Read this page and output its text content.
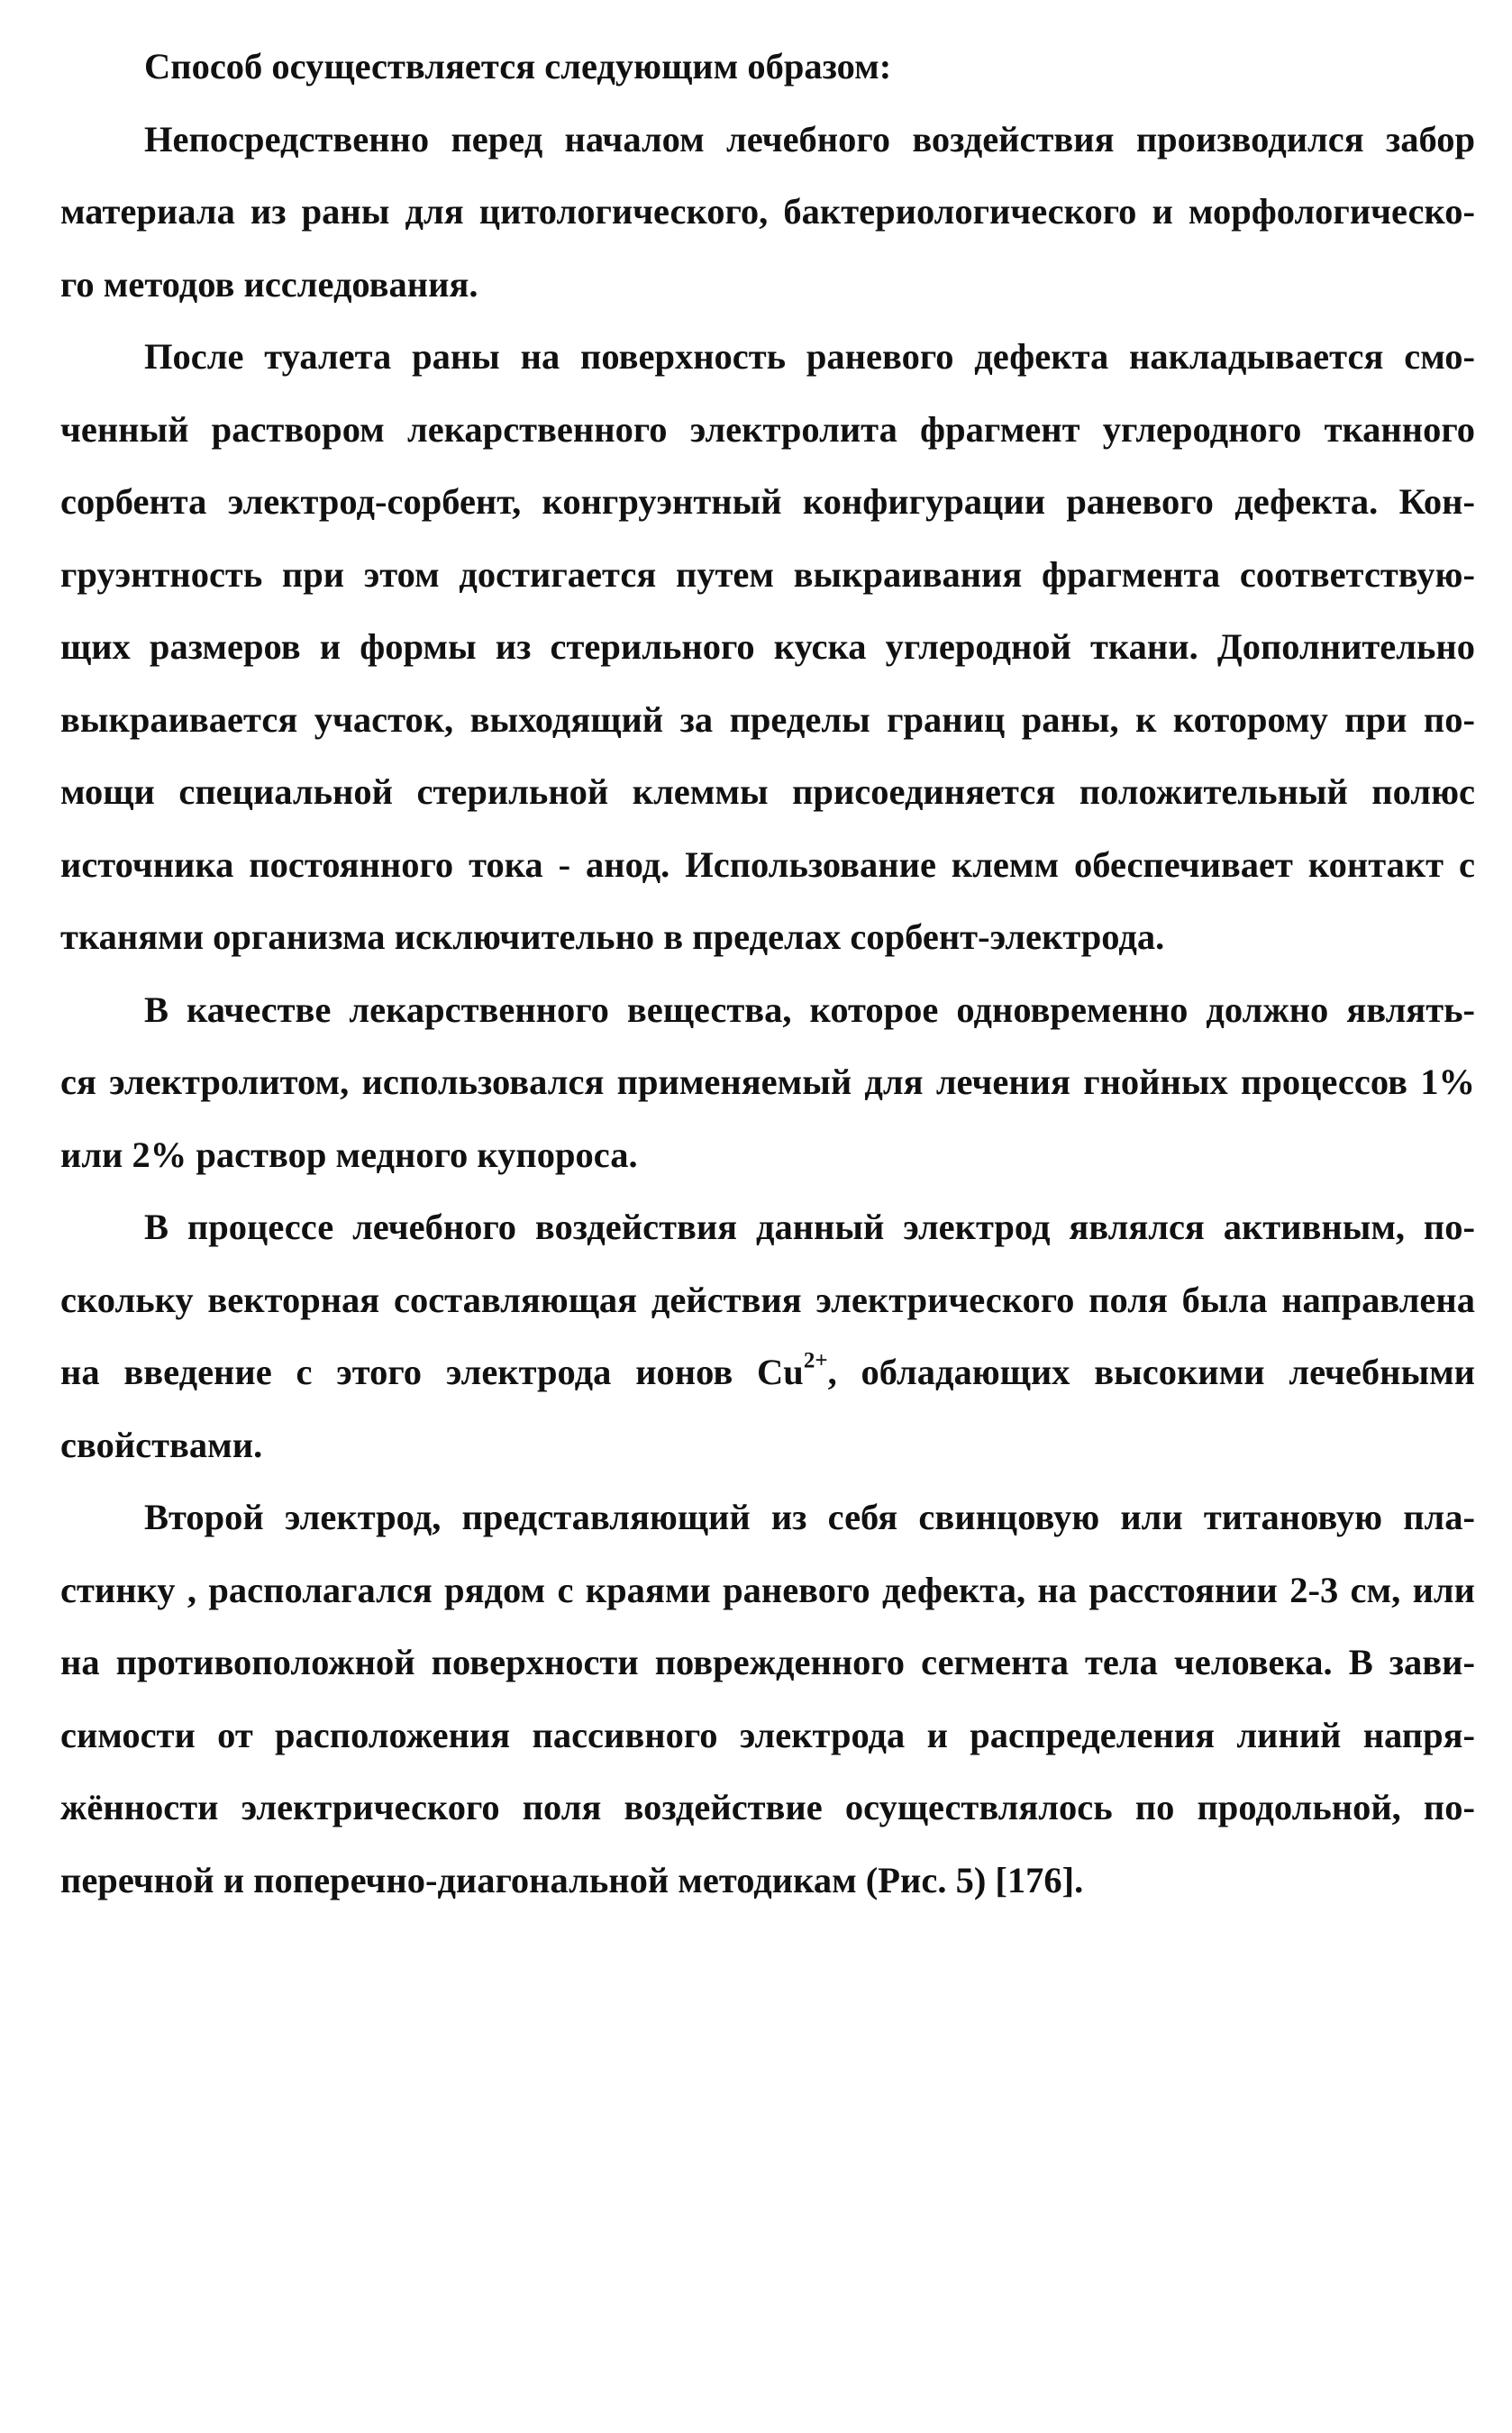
Способ осуществляется следующим образом:

Непосредственно перед началом лечебного воздействия производился забор
материала из раны для цитологического, бактериологического и морфологическо-
го методов исследования.

После туалета раны на поверхность раневого дефекта накладывается смо-
ченный раствором лекарственного электролита фрагмент углеродного тканного
сорбента электрод-сорбент, конгруэнтный конфигурации раневого дефекта. Кон-
груэнтность при этом достигается путем выкраивания фрагмента соответствую-
щих размеров и формы из стерильного куска углеродной ткани. Дополнительно
выкраивается участок, выходящий за пределы границ раны, к которому при по-
мощи специальной стерильной клеммы присоединяется положительный полюс
источника постоянного тока - анод. Использование клемм обеспечивает контакт с
тканями организма исключительно в пределах сорбент-электрода.

В качестве лекарственного вещества, которое одновременно должно являть-
ся электролитом, использовался применяемый для лечения гнойных процессов 1%
или 2% раствор медного купороса.

В процессе лечебного воздействия данный электрод являлся активным, по-
скольку векторная составляющая действия электрического поля была направлена
на введение с этого электрода ионов $Cu^{2+}$, обладающих высокими лечебными
свойствами.

Второй электрод, представляющий из себя свинцовую или титановую пла-
стинку , располагался рядом с краями раневого дефекта, на расстоянии 2-3 см, или
на противоположной поверхности поврежденного сегмента тела человека. В зави-
симости от расположения пассивного электрода и распределения линий напря-
жённости электрического поля воздействие осуществлялось по продольной, по-
перечной и поперечно-диагональной методикам (Рис. 5) [176].
